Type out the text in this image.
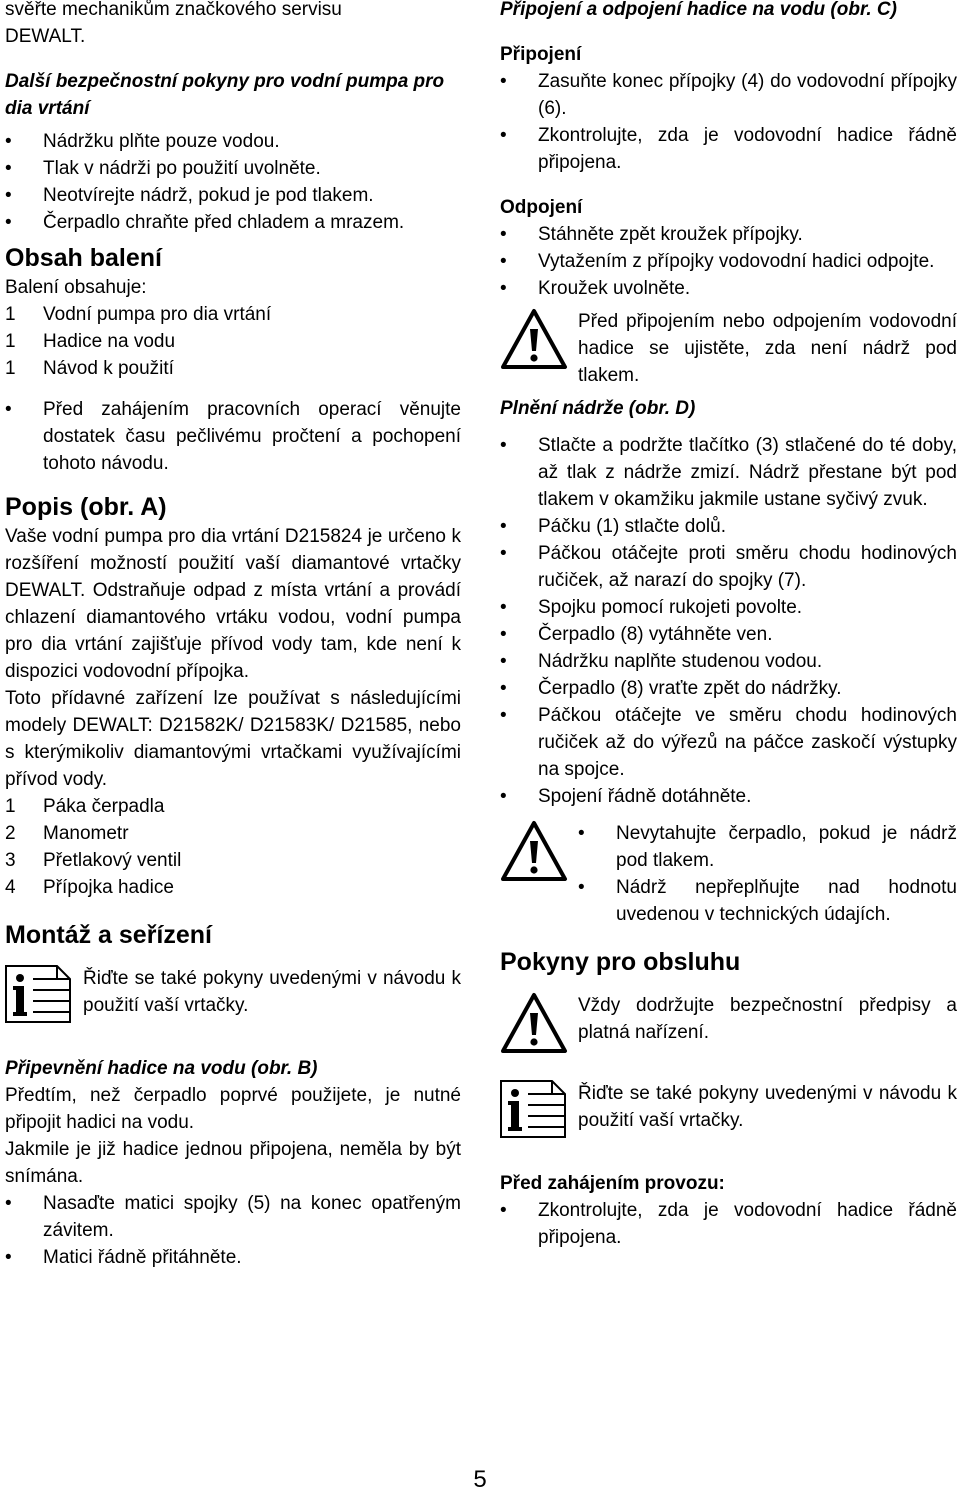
svěřte mechanikům značkového servisu
DEWALT.

Další bezpečnostní pokyny pro vodní pumpa pro dia vrtání
• Nádržku plňte pouze vodou.
• Tlak v nádrži po použití uvolněte.
• Neotvírejte nádrž, pokud je pod tlakem.
• Čerpadlo chraňte před chladem a mrazem.
Obsah balení

Balení obsahuje:

1	Vodní pumpa pro dia vrtání
1	Hadice na vodu
1	Návod k použití
• Před zahájením pracovních operací věnujte dostatek času pečlivému pročtení a pochopení tohoto návodu.
Popis (obr. A)

Vaše vodní pumpa pro dia vrtání D215824 je určeno k rozšíření možností použití vaší diamantové vrtačky DEWALT. Odstraňuje odpad z místa vrtání a provádí chlazení diamantového vrtáku vodou, vodní pumpa pro dia vrtání zajišťuje přívod vody tam, kde není k dispozici vodovodní přípojka.

Toto přídavné zařízení lze používat s následujícími modely DEWALT: D21582K/ D21583K/ D21585, nebo s kterýmikoliv diamantovými vrtačkami využívajícími přívod vody.

1	Páka čerpadla
2	Manometr
3	Přetlakový ventil
4	Přípojka hadice
Montáž a seřízení
Řiďte se také pokyny uvedenými v návodu k použití vaší vrtačky.
Připevnění hadice na vodu (obr. B)

Předtím, než čerpadlo poprvé použijete, je nutné připojit hadici na vodu.

Jakmile je již hadice jednou připojena, neměla by být snímána.

• Nasaďte matici spojky (5) na konec opatřeným závitem.
• Matici řádně přitáhněte.
Připojení a odpojení hadice na vodu (obr. C)
Připojení
• Zasuňte konec přípojky (4) do vodovodní přípojky (6).
• Zkontrolujte, zda je vodovodní hadice řádně připojena.
Odpojení
• Stáhněte zpět kroužek přípojky.
• Vytažením z přípojky vodovodní hadici odpojte.
• Kroužek uvolněte.
Před připojením nebo odpojením vodovodní hadice se ujistěte, zda není nádrž pod tlakem.
Plnění nádrže (obr. D)
• Stlačte a podržte tlačítko (3) stlačené do té doby, až tlak z nádrže zmizí. Nádrž přestane být pod tlakem v okamžiku jakmile ustane syčivý zvuk.
• Páčku (1) stlačte dolů.
• Páčkou otáčejte proti směru chodu hodinových ručiček, až narazí do spojky (7).
• Spojku pomocí rukojeti povolte.
• Čerpadlo (8) vytáhněte ven.
• Nádržku naplňte studenou vodou.
• Čerpadlo (8) vraťte zpět do nádržky.
• Páčkou otáčejte ve směru chodu hodinových ručiček až do výřezů na páčce zaskočí výstupky na spojce.
• Spojení řádně dotáhněte.
• Nevytahujte čerpadlo, pokud je nádrž pod tlakem.
• Nádrž nepřeplňujte nad hodnotu uvedenou v technických údajích.
Pokyny pro obsluhu
Vždy dodržujte bezpečnostní předpisy a platná nařízení.
Řiďte se také pokyny uvedenými v návodu k použití vaší vrtačky.
Před zahájením provozu:
• Zkontrolujte, zda je vodovodní hadice řádně připojena.
5
